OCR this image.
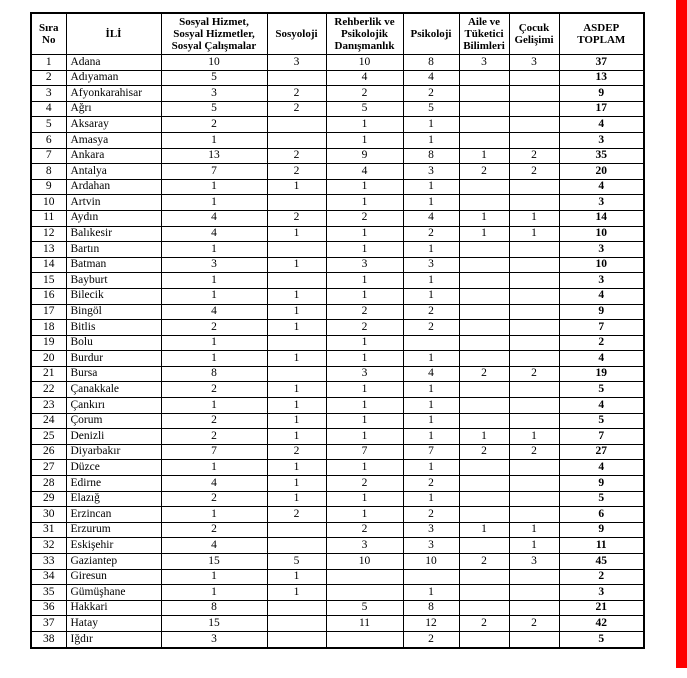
Sıra No	İLİ	Sosyal Hizmet, Sosyal Hizmetler, Sosyal Çalışmalar	Sosyoloji	Rehberlik ve Psikolojik Danışmanlık	Psikoloji	Aile ve Tüketici Bilimleri	Çocuk Gelişimi	ASDEP TOPLAM
1	Adana	10	3	10	8	3	3	37
2	Adıyaman	5		4	4			13
3	Afyonkarahisar	3	2	2	2			9
4	Ağrı	5	2	5	5			17
5	Aksaray	2		1	1			4
6	Amasya	1		1	1			3
7	Ankara	13	2	9	8	1	2	35
8	Antalya	7	2	4	3	2	2	20
9	Ardahan	1	1	1	1			4
10	Artvin	1		1	1			3
11	Aydın	4	2	2	4	1	1	14
12	Balıkesir	4	1	1	2	1	1	10
13	Bartın	1		1	1			3
14	Batman	3	1	3	3			10
15	Bayburt	1		1	1			3
16	Bilecik	1	1	1	1			4
17	Bingöl	4	1	2	2			9
18	Bitlis	2	1	2	2			7
19	Bolu	1		1				2
20	Burdur	1	1	1	1			4
21	Bursa	8		3	4	2	2	19
22	Çanakkale	2	1	1	1			5
23	Çankırı	1	1	1	1			4
24	Çorum	2	1	1	1			5
25	Denizli	2	1	1	1	1	1	7
26	Diyarbakır	7	2	7	7	2	2	27
27	Düzce	1	1	1	1			4
28	Edirne	4	1	2	2			9
29	Elazığ	2	1	1	1			5
30	Erzincan	1	2	1	2			6
31	Erzurum	2		2	3	1	1	9
32	Eskişehir	4		3	3		1	11
33	Gaziantep	15	5	10	10	2	3	45
34	Giresun	1	1					2
35	Gümüşhane	1	1		1			3
36	Hakkari	8		5	8			21
37	Hatay	15		11	12	2	2	42
38	Iğdır	3			2			5
